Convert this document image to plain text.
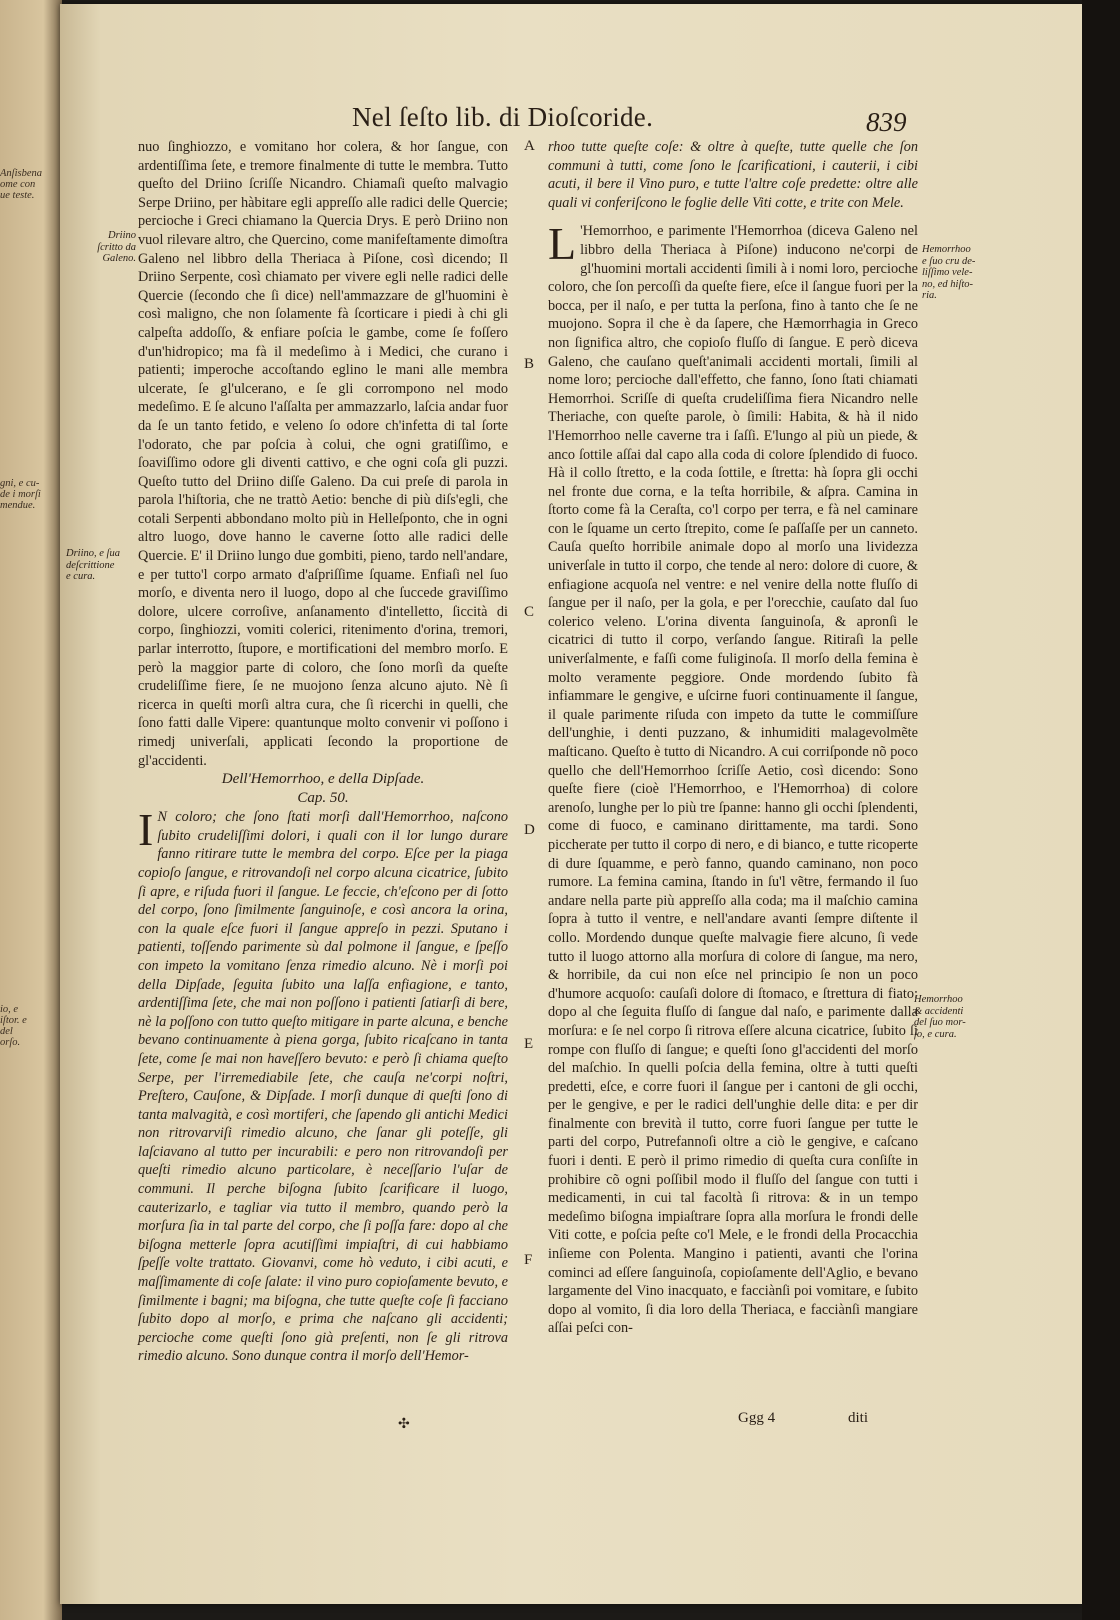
Anſisbena
ome con
ue teste.
gni, e cu-
de i morſi
mendue.
io, e
iſtor. e
del
orſo.
Nel ſeſto lib. di Dioſcoride.	839
Driino
ſcritto da
Galeno.
Driino, e ſua
deſcrittione
e cura.
Hemorrhoo
e ſuo cru de-
liſſimo vele-
no, ed hiſto-
ria.
Hemorrhoo
& accidenti
del ſuo mor-
ſo, e cura.
A
B
C
D
E
F

nuo ſinghiozzo, e vomitano hor colera, & hor ſangue, con ardentiſſima ſete, e tremore finalmente di tutte le membra. Tutto queſto del Driino ſcriſſe Nicandro. Chiamaſi queſto malvagio Serpe Driino, per hàbitare egli appreſſo alle radici delle Quercie; percioche i Greci chiamano la Quercia Drys. E però Driino non vuol rilevare altro, che Quercino, come manifeſtamente dimoſtra Galeno nel libbro della Theriaca à Piſone, così dicendo; Il Driino Serpente, così chiamato per vivere egli nelle radici delle Quercie (ſecondo che ſi dice) nell'ammazzare de gl'huomini è così maligno, che non ſolamente fà ſcorticare i piedi à chi gli calpeſta addoſſo, & enfiare poſcia le gambe, come ſe foſſero d'un'hidropico; ma fà il medeſimo à i Medici, che curano i patienti; imperoche accoſtando eglino le mani alle membra ulcerate, ſe gl'ulcerano, e ſe gli corrompono nel modo medeſimo. E ſe alcuno l'aſſalta per ammazzarlo, laſcia andar fuor da ſe un tanto fetido, e veleno ſo odore ch'infetta di tal ſorte l'odorato, che par poſcia à colui, che ogni gratiſſimo, e ſoaviſſimo odore gli diventi cattivo, e che ogni coſa gli puzzi. Queſto tutto del Driino diſſe Galeno. Da cui preſe di parola in parola l'hiſtoria, che ne trattò Aetio: benche di più diſs'egli, che cotali Serpenti abbondano molto più in Helleſponto, che in ogni altro luogo, dove hanno le caverne ſotto alle radici delle Quercie. E' il Driino lungo due gombiti, pieno, tardo nell'andare, e per tutto'l corpo armato d'aſpriſſime ſquame. Enfiaſi nel ſuo morſo, e diventa nero il luogo, dopo al che ſuccede graviſſimo dolore, ulcere corroſive, anſanamento d'intelletto, ſiccità di corpo, ſinghiozzi, vomiti colerici, ritenimento d'orina, tremori, parlar interrotto, ſtupore, e mortificationi del membro morſo. E però la maggior parte di coloro, che ſono morſi da queſte crudeliſſime fiere, ſe ne muojono ſenza alcuno ajuto. Nè ſi ricerca in queſti morſi altra cura, che ſi ricerchi in quelli, che ſono fatti dalle Vipere: quantunque molto convenir vi poſſono i rimedj univerſali, applicati ſecondo la proportione de gl'accidenti.

Dell'Hemorrhoo, e della Dipſade.

Cap. 50.

I N coloro; che ſono ſtati morſi dall'Hemorrhoo, naſcono ſubito crudeliſſimi dolori, i quali con il lor lungo durare fanno ritirare tutte le membra del corpo. Eſce per la piaga copioſo ſangue, e ritrovandoſi nel corpo alcuna cicatrice, ſubito ſi apre, e riſuda fuori il ſangue. Le feccie, ch'eſcono per di ſotto del corpo, ſono ſimilmente ſanguinoſe, e così ancora la orina, con la quale eſce fuori il ſangue appreſo in pezzi. Sputano i patienti, toſſendo parimente sù dal polmone il ſangue, e ſpeſſo con impeto la vomitano ſenza rimedio alcuno. Nè i morſi poi della Dipſade, ſeguita ſubito una laſſa enfiagione, e tanto, ardentiſſima ſete, che mai non poſſono i patienti ſatiarſi di bere, nè la poſſono con tutto queſto mitigare in parte alcuna, e benche bevano continuamente à piena gorga, ſubito ricaſcano in tanta ſete, come ſe mai non haveſſero bevuto: e però ſi chiama queſto Serpe, per l'irremediabile ſete, che cauſa ne'corpi noſtri, Preſtero, Cauſone, & Dipſade. I morſi dunque di queſti ſono di tanta malvagità, e così mortiferi, che ſapendo gli antichi Medici non ritrovarviſi rimedio alcuno, che ſanar gli poteſſe, gli laſciavano al tutto per incurabili: e pero non ritrovandoſi per queſti rimedio alcuno particolare, è neceſſario l'uſar de communi. Il perche biſogna ſubito ſcarificare il luogo, cauterizarlo, e tagliar via tutto il membro, quando però la morſura ſia in tal parte del corpo, che ſi poſſa fare: dopo al che biſogna metterle ſopra acutiſſimi impiaſtri, di cui habbiamo ſpeſſe volte trattato. Giovanvi, come hò veduto, i cibi acuti, e maſſimamente di coſe ſalate: il vino puro copioſamente bevuto, e ſimilmente i bagni; ma biſogna, che tutte queſte coſe ſi facciano ſubito dopo al morſo, e prima che naſcano gli accidenti; percioche come queſti ſono già preſenti, non ſe gli ritrova rimedio alcuno. Sono dunque contra il morſo dell'Hemor-

rhoo tutte queſte coſe: & oltre à queſte, tutte quelle che ſon communi à tutti, come ſono le ſcarificationi, i cauterii, i cibi acuti, il bere il Vino puro, e tutte l'altre coſe predette: oltre alle quali vi conferiſcono le foglie delle Viti cotte, e trite con Mele.

L 'Hemorrhoo, e parimente l'Hemorrhoa (diceva Galeno nel libbro della Theriaca à Piſone) inducono ne'corpi de gl'huomini mortali accidenti ſimili à i nomi loro, percioche coloro, che ſon percoſſi da queſte fiere, eſce il ſangue fuori per la bocca, per il naſo, e per tutta la perſona, fino à tanto che ſe ne muojono. Sopra il che è da ſapere, che Hæmorrhagia in Greco non ſignifica altro, che copioſo fluſſo di ſangue. E però diceva Galeno, che cauſano queſt'animali accidenti mortali, ſimili al nome loro; percioche dall'effetto, che fanno, ſono ſtati chiamati Hemorrhoi. Scriſſe di queſta crudeliſſima fiera Nicandro nelle Theriache, con queſte parole, ò ſimili: Habita, & hà il nido l'Hemorrhoo nelle caverne tra i ſaſſi. E'lungo al più un piede, & anco ſottile aſſai dal capo alla coda di colore ſplendido di fuoco. Hà il collo ſtretto, e la coda ſottile, e ſtretta: hà ſopra gli occhi nel fronte due corna, e la teſta horribile, & aſpra. Camina in ſtorto come fà la Ceraſta, co'l corpo per terra, e fà nel caminare con le ſquame un certo ſtrepito, come ſe paſſaſſe per un canneto. Cauſa queſto horribile animale dopo al morſo una lividezza univerſale in tutto il corpo, che tende al nero: dolore di cuore, & enfiagione acquoſa nel ventre: e nel venire della notte fluſſo di ſangue per il naſo, per la gola, e per l'orecchie, cauſato dal ſuo colerico veleno. L'orina diventa ſanguinoſa, & apronſi le cicatrici di tutto il corpo, verſando ſangue. Ritiraſi la pelle univerſalmente, e faſſi come fuliginoſa. Il morſo della femina è molto veramente peggiore. Onde mordendo ſubito fà infiammare le gengive, e uſcirne fuori continuamente il ſangue, il quale parimente riſuda con impeto da tutte le commiſſure dell'unghie, i denti puzzano, & inhumiditi malagevolmẽte maſticano. Queſto è tutto di Nicandro. A cui corriſponde nõ poco quello che dell'Hemorrhoo ſcriſſe Aetio, così dicendo: Sono queſte fiere (cioè l'Hemorrhoo, e l'Hemorrhoa) di colore arenoſo, lunghe per lo più tre ſpanne: hanno gli occhi ſplendenti, come di fuoco, e caminano dirittamente, ma tardi. Sono piccherate per tutto il corpo di nero, e di bianco, e tutte ricoperte di dure ſquamme, e però fanno, quando caminano, non poco rumore. La femina camina, ſtando in ſu'l vẽtre, fermando il ſuo andare nella parte più appreſſo alla coda; ma il maſchio camina ſopra à tutto il ventre, e nell'andare avanti ſempre diſtente il collo. Mordendo dunque queſte malvagie fiere alcuno, ſi vede tutto il luogo attorno alla morſura di colore di ſangue, ma nero, & horribile, da cui non eſce nel principio ſe non un poco d'humore acquoſo: cauſaſi dolore di ſtomaco, e ſtrettura di fiato: dopo al che ſeguita fluſſo di ſangue dal naſo, e parimente dalla morſura: e ſe nel corpo ſi ritrova eſſere alcuna cicatrice, ſubito ſi rompe con fluſſo di ſangue; e queſti ſono gl'accidenti del morſo del maſchio. In quelli poſcia della femina, oltre à tutti queſti predetti, eſce, e corre fuori il ſangue per i cantoni de gli occhi, per le gengive, e per le radici dell'unghie delle dita: e per dir finalmente con brevità il tutto, corre fuori ſangue per tutte le parti del corpo, Putrefannoſi oltre a ciò le gengive, e caſcano fuori i denti. E però il primo rimedio di queſta cura conſiſte in prohibire cõ ogni poſſibil modo il fluſſo del ſangue con tutti i medicamenti, in cui tal facoltà ſi ritrova: & in un tempo medeſimo biſogna impiaſtrare ſopra alla morſura le frondi delle Viti cotte, e poſcia peſte co'l Mele, e le frondi della Procacchia inſieme con Polenta. Mangino i patienti, avanti che l'orina cominci ad eſſere ſanguinoſa, copioſamente dell'Aglio, e bevano largamente del Vino inacquato, e facciànſi poi vomitare, e ſubito dopo al vomito, ſi dia loro della Theriaca, e facciànſi mangiare aſſai peſci con-

✣	Ggg 4	diti
